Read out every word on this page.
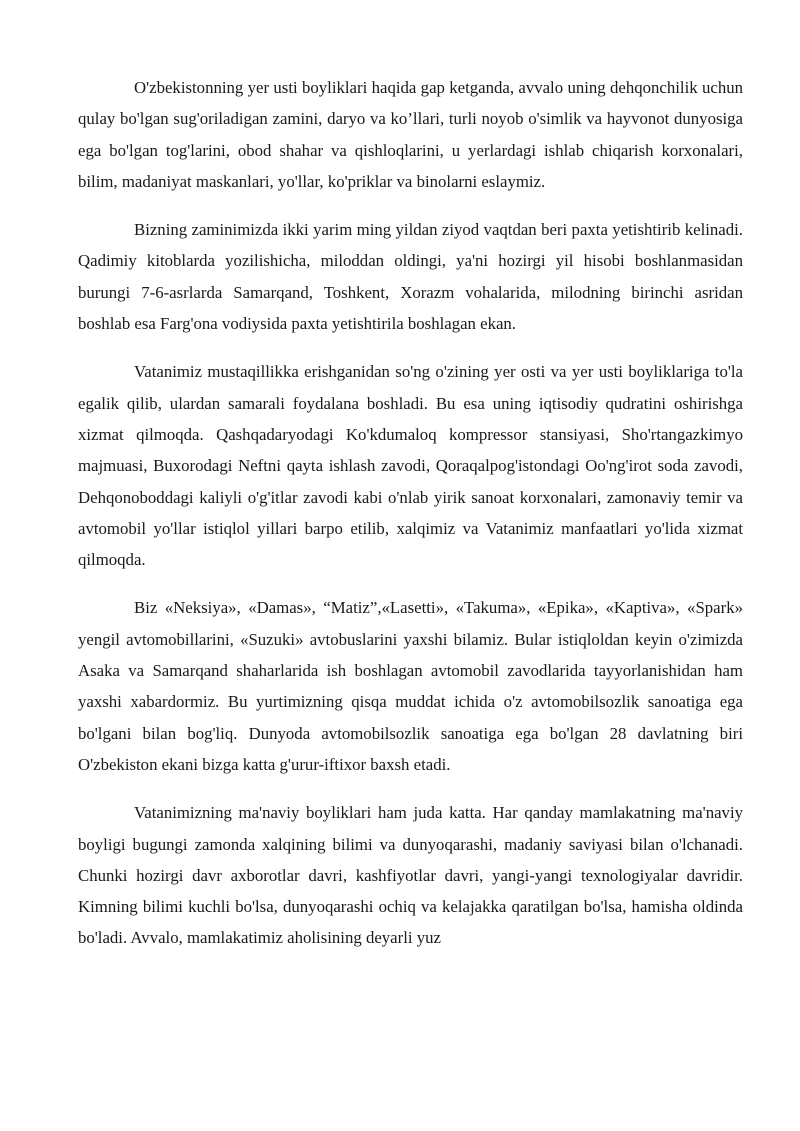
O'zbekistonning yer usti boyliklari haqida gap ketganda, avvalo uning dehqonchilik uchun qulay bo'lgan sug'oriladigan zamini, daryo va ko’llari, turli noyob o'simlik va hayvonot dunyosiga ega bo'lgan tog'larini, obod shahar va qishloqlarini, u yerlardagi ishlab chiqarish korxonalari, bilim, madaniyat maskanlari, yo'llar, ko'priklar va binolarni eslaymiz.

Bizning zaminimizda ikki yarim ming yildan ziyod vaqtdan beri paxta yetishtirib kelinadi. Qadimiy kitoblarda yozilishicha, miloddan oldingi, ya'ni hozirgi yil hisobi boshlanmasidan burungi 7-6-asrlarda Samarqand, Toshkent, Xorazm vohalarida, milodning birinchi asridan boshlab esa Farg'ona vodiysida paxta yetishtirila boshlagan ekan.

Vatanimiz mustaqillikka erishganidan so'ng o'zining yer osti va yer usti boyliklariga to'la egalik qilib, ulardan samarali foydalana boshladi. Bu esa uning iqtisodiy qudratini oshirishga xizmat qilmoqda. Qashqadaryodagi Ko'kdumaloq kompressor stansiyasi, Sho'rtangazkimyo majmuasi, Buxorodagi Neftni qayta ishlash zavodi, Qoraqalpog'istondagi Oo'ng'irot soda zavodi, Dehqonoboddagi kaliyli o'g'itlar zavodi kabi o'nlab yirik sanoat korxonalari, zamonaviy temir va avtomobil yo'llar istiqlol yillari barpo etilib, xalqimiz va Vatanimiz manfaatlari yo'lida xizmat qilmoqda.

Biz «Neksiya», «Damas», “Matiz”,«Lasetti», «Takuma», «Epika», «Kaptiva», «Spark» yengil avtomobillarini, «Suzuki» avtobuslarini yaxshi bilamiz. Bular istiqloldan keyin o'zimizda Asaka va Samarqand shaharlarida ish boshlagan avtomobil zavodlarida tayyorlanishidan ham yaxshi xabardormiz. Bu yurtimizning qisqa muddat ichida o'z avtomobilsozlik sanoatiga ega bo'lgani bilan bog'liq. Dunyoda avtomobilsozlik sanoatiga ega bo'lgan 28 davlatning biri O'zbekiston ekani bizga katta g'urur-iftixor baxsh etadi.

Vatanimizning ma'naviy boyliklari ham juda katta. Har qanday mamlakatning ma'naviy boyligi bugungi zamonda xalqining bilimi va dunyoqarashi, madaniy saviyasi bilan o'lchanadi. Chunki hozirgi davr axborotlar davri, kashfiyotlar davri, yangi-yangi texnologiyalar davridir. Kimning bilimi kuchli bo'lsa, dunyoqarashi ochiq va kelajakka qaratilgan bo'lsa, hamisha oldinda bo'ladi. Avvalo, mamlakatimiz aholisining deyarli yuz
